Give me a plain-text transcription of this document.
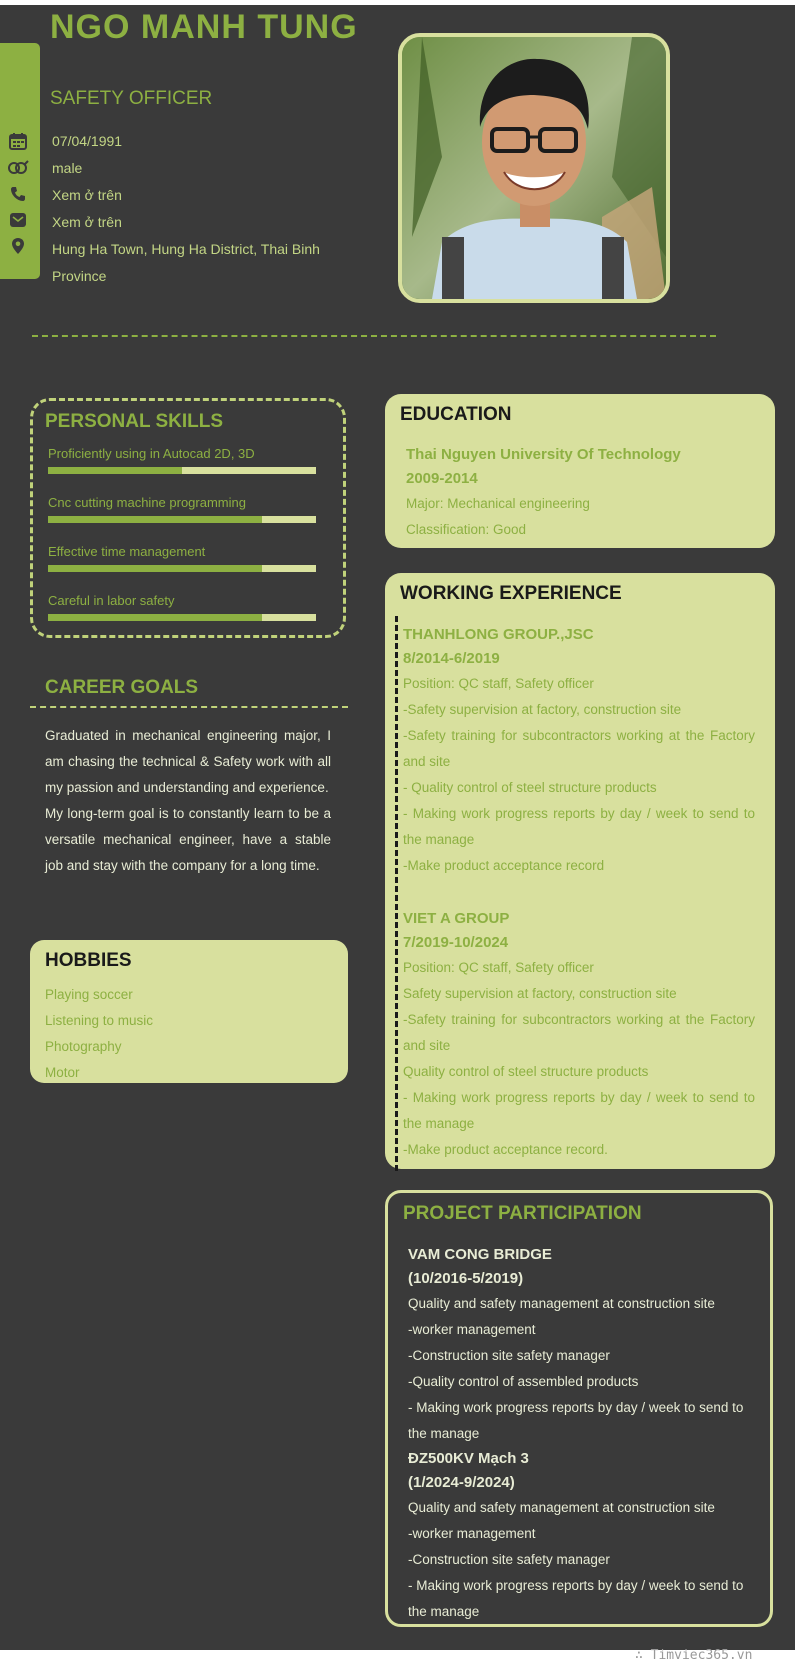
NGO MANH TUNG
SAFETY OFFICER
07/04/1991
male
Xem ở trên
Xem ở trên
Hung Ha Town, Hung Ha District, Thai Binh Province
PERSONAL SKILLS
Proficiently using in Autocad 2D, 3D
Cnc cutting machine programming
Effective time management
Careful in labor safety
CAREER GOALS

Graduated in mechanical engineering major, I am chasing the technical & Safety work with all my passion and understanding and experience.

My long-term goal is to constantly learn to be a versatile mechanical engineer, have a stable job and stay with the company for a long time.

HOBBIES
Playing soccer
Listening to music
Photography
Motor
EDUCATION
Thai Nguyen University Of Technology
2009-2014
Major: Mechanical engineering
Classification: Good
WORKING EXPERIENCE
THANHLONG GROUP.,JSC
8/2014-6/2019
Position: QC staff, Safety officer
-Safety supervision at factory, construction site
-Safety training for subcontractors working at the Factory and site
- Quality control of steel structure products
- Making work progress reports by day / week to send to the manage
-Make product acceptance record
VIET A GROUP
7/2019-10/2024
Position: QC staff, Safety officer
Safety supervision at factory, construction site
-Safety training for subcontractors working at the Factory and site
Quality control of steel structure products
- Making work progress reports by day / week to send to the manage
-Make product acceptance record.
PROJECT PARTICIPATION
VAM CONG BRIDGE
(10/2016-5/2019)
Quality and safety management at construction site
-worker management
-Construction site safety manager
-Quality control of assembled products
- Making work progress reports by day / week to send to the manage
ĐZ500KV Mạch 3
(1/2024-9/2024)
Quality and safety management at construction site
-worker management
-Construction site safety manager
- Making work progress reports by day / week to send to the manage
∴ Timviec365.vn
